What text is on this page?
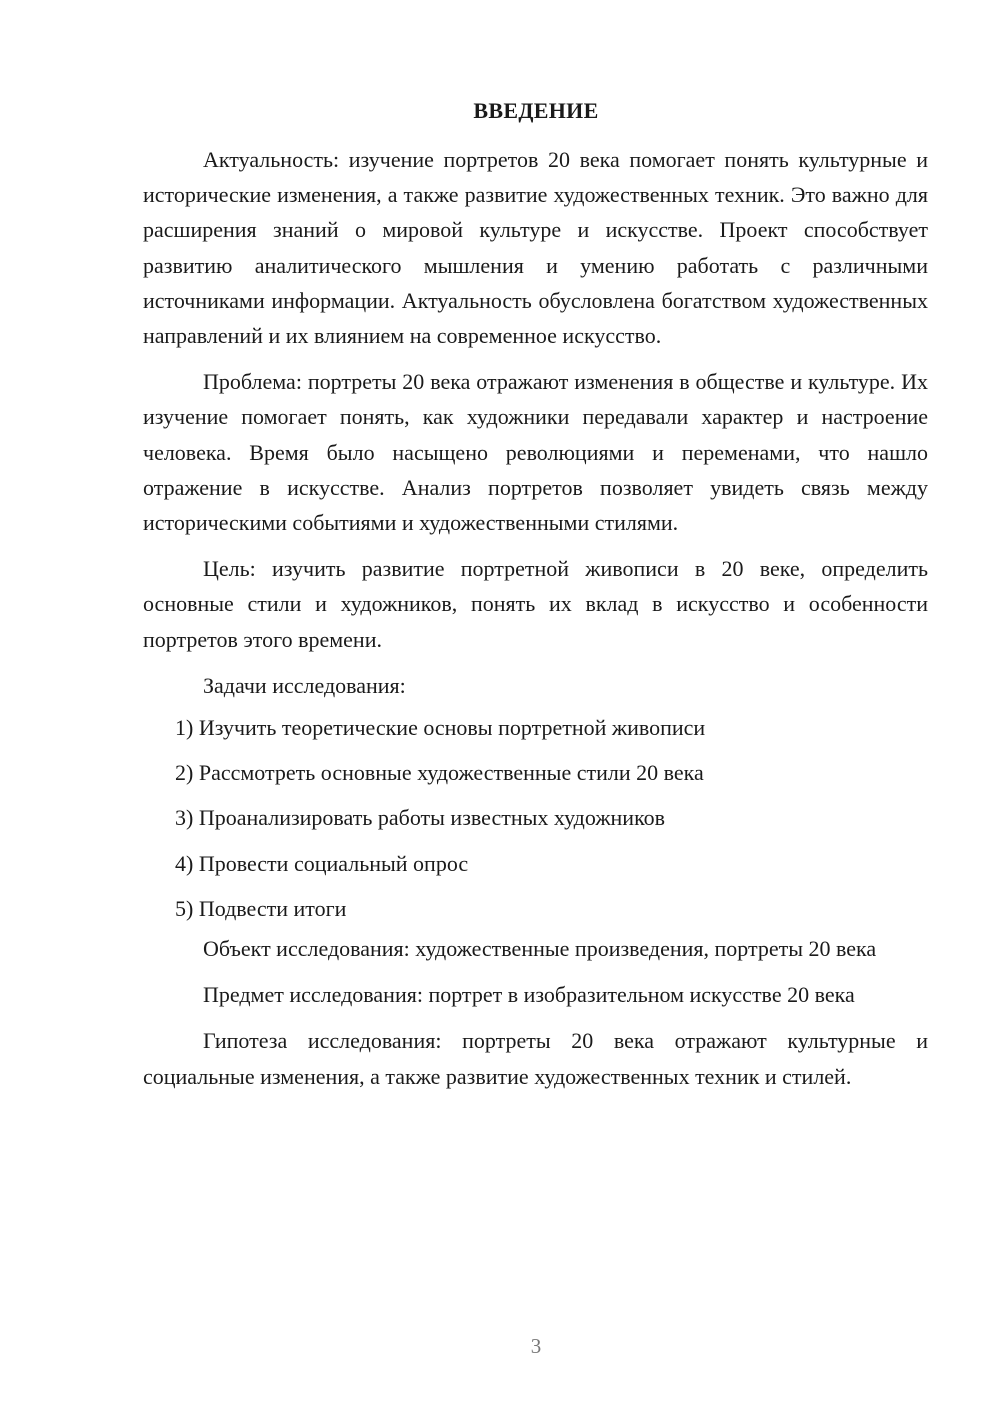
ВВЕДЕНИЕ

Актуальность: изучение портретов 20 века помогает понять культурные и исторические изменения, а также развитие художественных техник. Это важно для расширения знаний о мировой культуре и искусстве. Проект способствует развитию аналитического мышления и умению работать с различными источниками информации. Актуальность обусловлена богатством художественных направлений и их влиянием на современное искусство.

Проблема: портреты 20 века отражают изменения в обществе и культуре. Их изучение помогает понять, как художники передавали характер и настроение человека. Время было насыщено революциями и переменами, что нашло отражение в искусстве. Анализ портретов позволяет увидеть связь между историческими событиями и художественными стилями.

Цель: изучить развитие портретной живописи в 20 веке, определить основные стили и художников, понять их вклад в искусство и особенности портретов этого времени.

Задачи исследования:

1)
Изучить теоретические основы портретной живописи
2)
Рассмотреть основные художественные стили 20 века
3)
Проанализировать работы известных художников
4)
Провести социальный опрос
5)
Подвести итоги

Объект исследования: художественные произведения, портреты 20 века

Предмет исследования: портрет в изобразительном искусстве 20 века

Гипотеза исследования: портреты 20 века отражают культурные и социальные изменения, а также развитие художественных техник и стилей.

3
